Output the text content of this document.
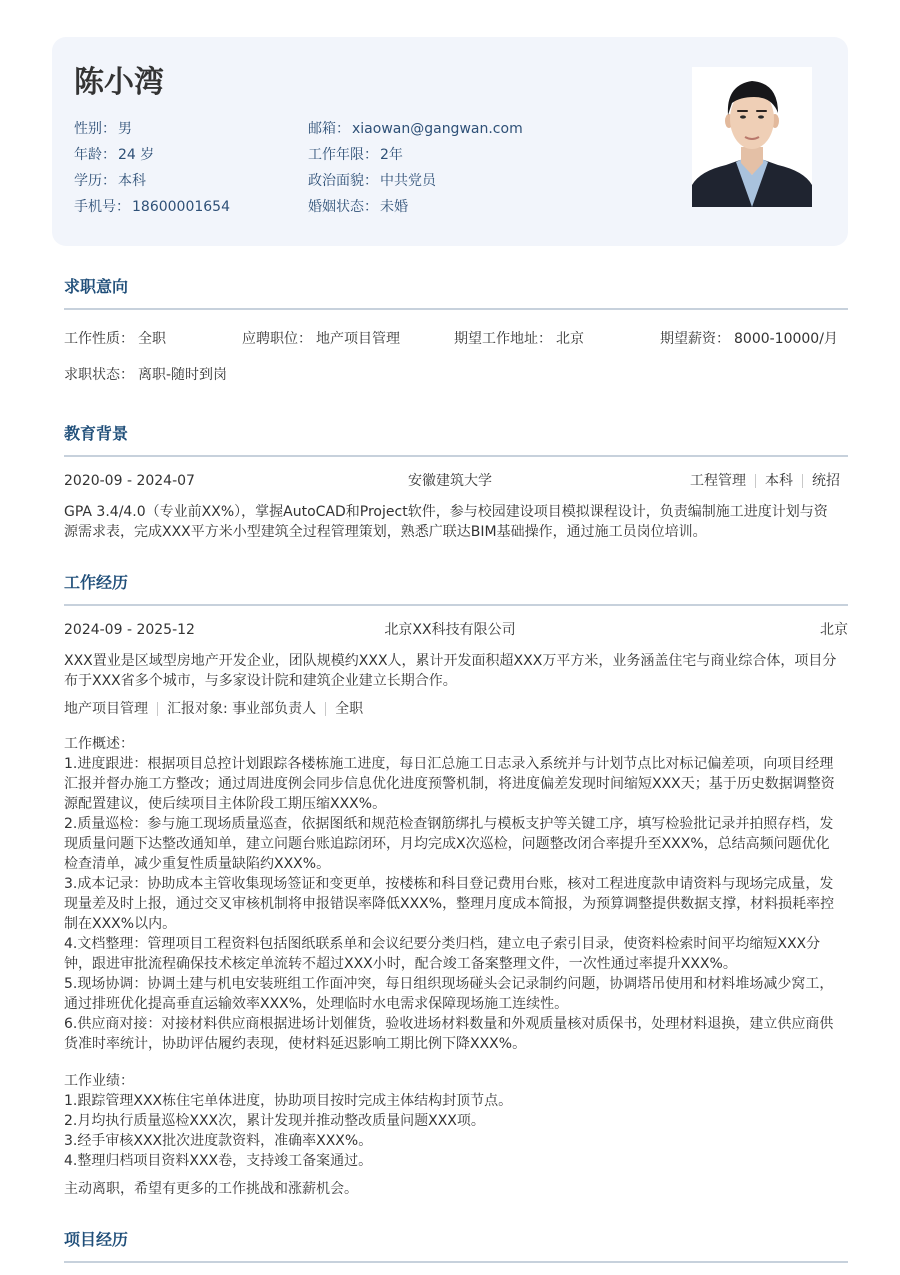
陈小湾
性别： 男	邮箱： xiaowan@gangwan.com
年龄： 24 岁	工作年限： 2年
学历： 本科	政治面貌： 中共党员
手机号： 18600001654	婚姻状态： 未婚
求职意向
工作性质： 全职	应聘职位： 地产项目管理	期望工作地址： 北京	期望薪资： 8000-10000/月
求职状态： 离职-随时到岗
教育背景
2020-09 - 2024-07	安徽建筑大学	工程管理 本科 统招
GPA 3.4/4.0（专业前XX%），掌握AutoCAD和Project软件，参与校园建设项目模拟课程设计，负责编制施工进度计划与资源需求表，完成XXX平方米小型建筑全过程管理策划，熟悉广联达BIM基础操作，通过施工员岗位培训。
工作经历
2024-09 - 2025-12	北京XX科技有限公司	北京
XXX置业是区域型房地产开发企业，团队规模约XXX人，累计开发面积超XXX万平方米，业务涵盖住宅与商业综合体，项目分布于XXX省多个城市，与多家设计院和建筑企业建立长期合作。
地产项目管理 汇报对象: 事业部负责人 全职

工作概述：

1.进度跟进：根据项目总控计划跟踪各楼栋施工进度，每日汇总施工日志录入系统并与计划节点比对标记偏差项，向项目经理汇报并督办施工方整改；通过周进度例会同步信息优化进度预警机制，将进度偏差发现时间缩短XXX天；基于历史数据调整资源配置建议，使后续项目主体阶段工期压缩XXX%。

2.质量巡检：参与施工现场质量巡查，依据图纸和规范检查钢筋绑扎与模板支护等关键工序，填写检验批记录并拍照存档，发现质量问题下达整改通知单，建立问题台账追踪闭环，月均完成X次巡检，问题整改闭合率提升至XXX%，总结高频问题优化检查清单，减少重复性质量缺陷约XXX%。

3.成本记录：协助成本主管收集现场签证和变更单，按楼栋和科目登记费用台账，核对工程进度款申请资料与现场完成量，发现量差及时上报，通过交叉审核机制将申报错误率降低XXX%，整理月度成本简报，为预算调整提供数据支撑，材料损耗率控制在XXX%以内。

4.文档整理：管理项目工程资料包括图纸联系单和会议纪要分类归档，建立电子索引目录，使资料检索时间平均缩短XXX分钟，跟进审批流程确保技术核定单流转不超过XXX小时，配合竣工备案整理文件，一次性通过率提升XXX%。

5.现场协调：协调土建与机电安装班组工作面冲突，每日组织现场碰头会记录制约问题，协调塔吊使用和材料堆场减少窝工，通过排班优化提高垂直运输效率XXX%，处理临时水电需求保障现场施工连续性。

6.供应商对接：对接材料供应商根据进场计划催货，验收进场材料数量和外观质量核对质保书，处理材料退换，建立供应商供货准时率统计，协助评估履约表现，使材料延迟影响工期比例下降XXX%。

工作业绩：

1.跟踪管理XXX栋住宅单体进度，协助项目按时完成主体结构封顶节点。

2.月均执行质量巡检XXX次，累计发现并推动整改质量问题XXX项。

3.经手审核XXX批次进度款资料，准确率XXX%。

4.整理归档项目资料XXX卷，支持竣工备案通过。

主动离职，希望有更多的工作挑战和涨薪机会。
项目经历
